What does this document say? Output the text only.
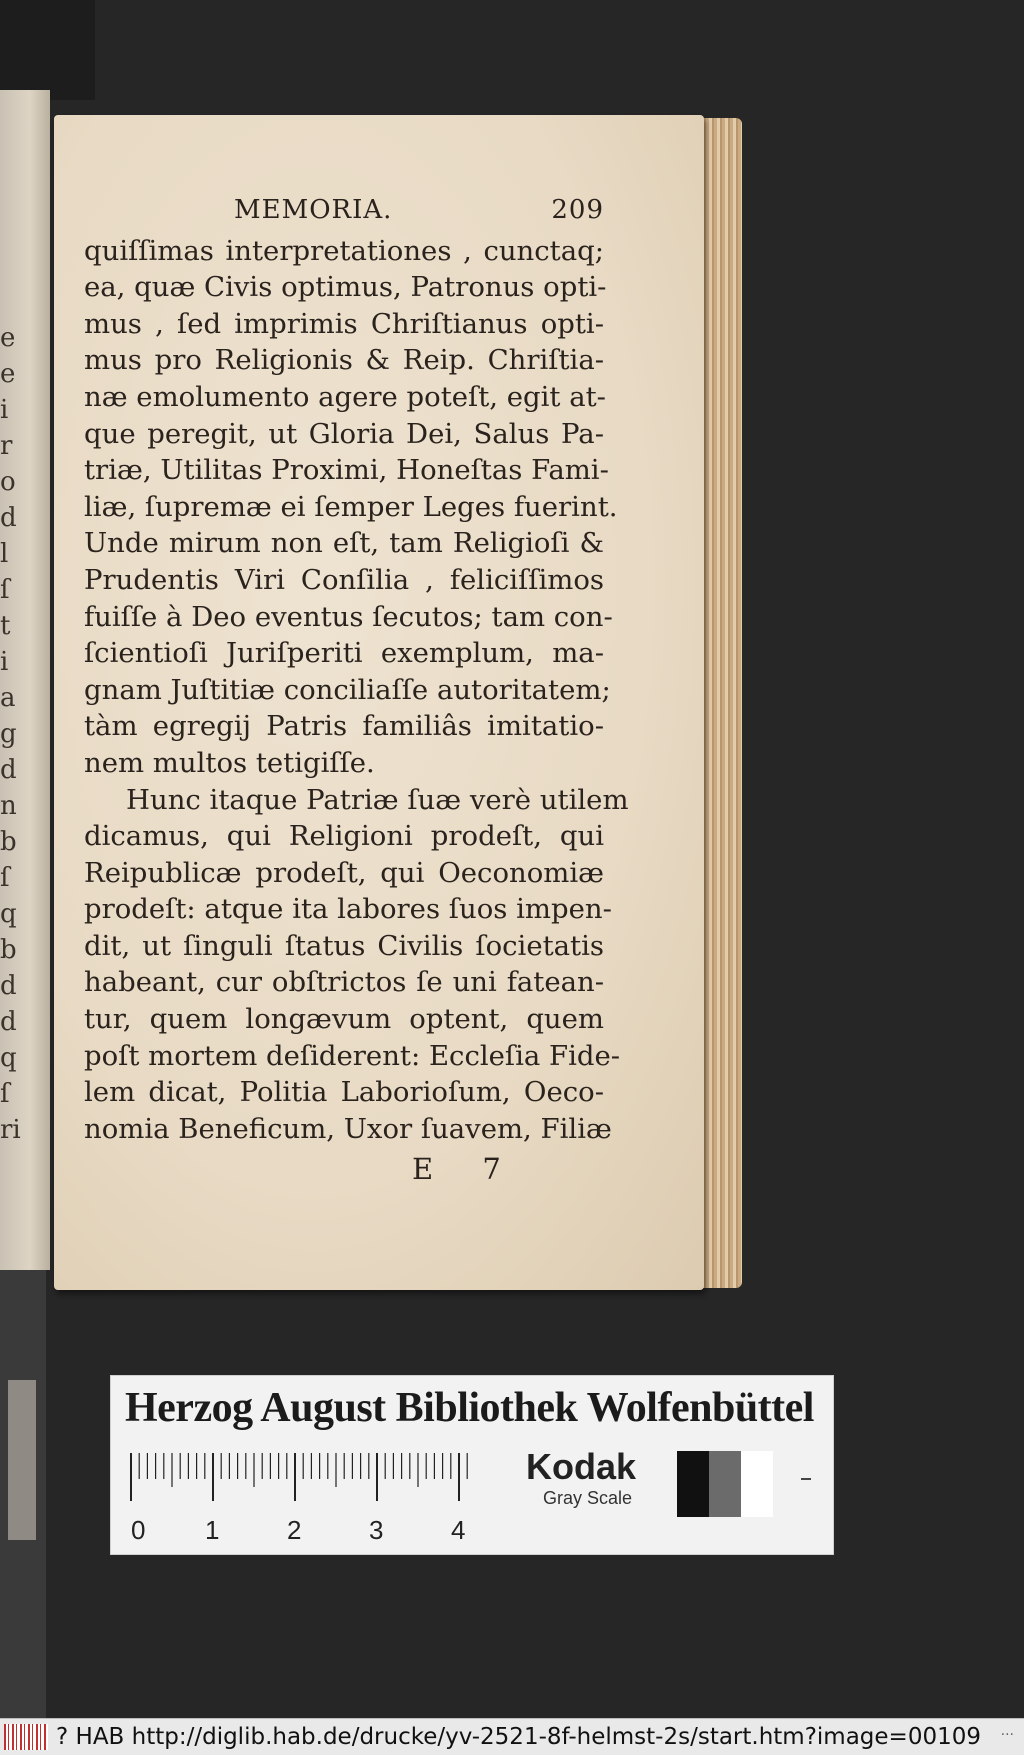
e
e
i
r
o
d
l
ſ
t
i
a
g
d
n
b
ſ
q
b
d
d
q
ſ
ri
MEMORIA.	209
quiſſimas interpretationes , cunctaq;
ea, quæ Civis optimus, Patronus opti-
mus , ſed imprimis Chriſtianus opti-
mus pro Religionis & Reip. Chriſtia-
næ emolumento agere poteſt, egit at-
que peregit, ut Gloria Dei, Salus Pa-
triæ, Utilitas Proximi, Honeſtas Fami-
liæ, ſupremæ ei ſemper Leges fuerint.
Unde mirum non eſt, tam Religioſi &
Prudentis Viri Conſilia , feliciſſimos
fuiſſe à Deo eventus ſecutos; tam con-
ſcientioſi Juriſperiti exemplum, ma-
gnam Juſtitiæ conciliaſſe autoritatem;
tàm egregij Patris familiâs imitatio-
nem multos tetigiſſe.
Hunc itaque Patriæ ſuæ verè utilem
dicamus, qui Religioni prodeſt, qui
Reipublicæ prodeſt, qui Oeconomiæ
prodeſt: atque ita labores ſuos impen-
dit, ut ſinguli ſtatus Civilis ſocietatis
habeant, cur obſtrictos ſe uni fatean-
tur, quem longævum optent, quem
poſt mortem deſiderent: Eccleſia Fide-
lem dicat, Politia Laborioſum, Oeco-
nomia Beneficum, Uxor ſuavem, Filiæ
E 7
Herzog August Bibliothek Wolfenbüttel
0 1	2	3	4
Kodak
Gray Scale
? HAB http://diglib.hab.de/drucke/yv-2521-8f-helmst-2s/start.htm?image=00109 ...
